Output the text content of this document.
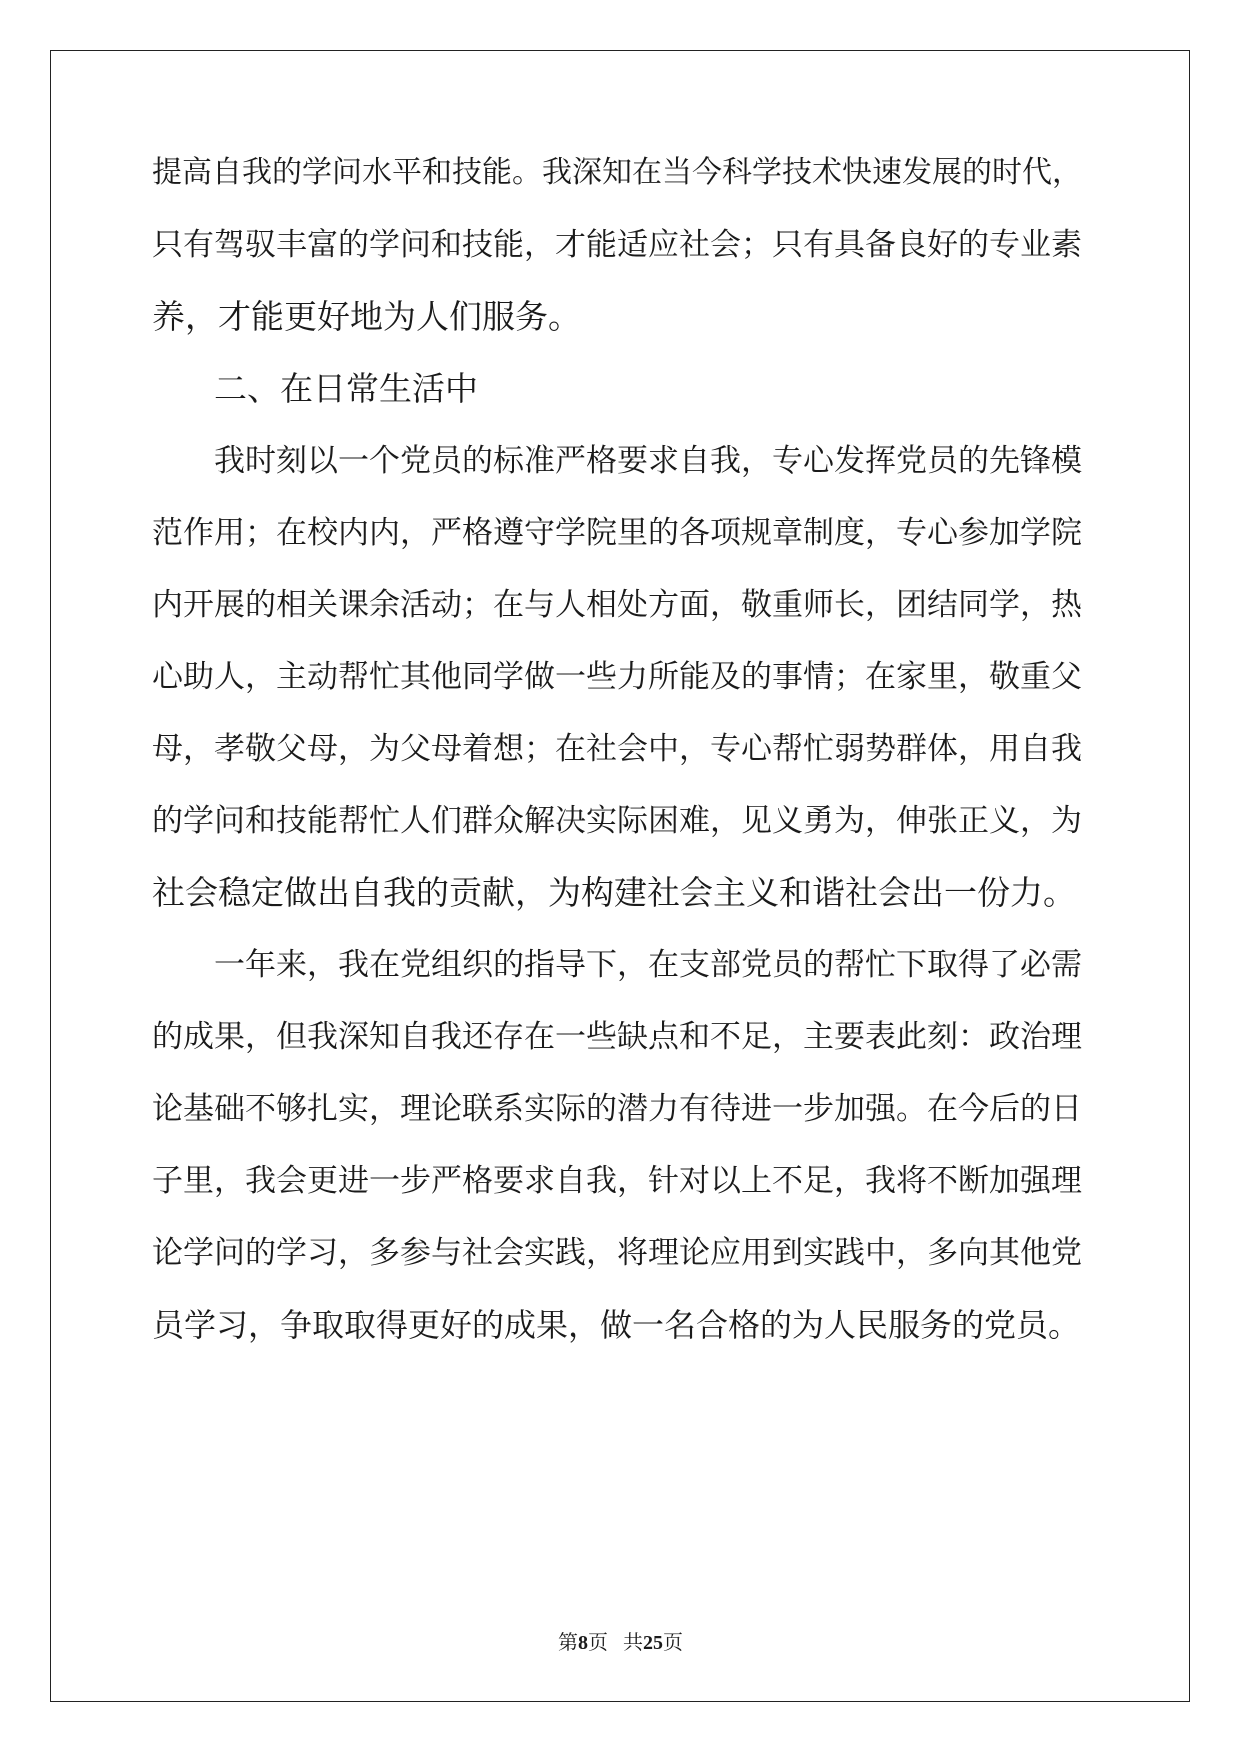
提高自我的学问水平和技能。我深知在当今科学技术快速发展的时代，

只有驾驭丰富的学问和技能，才能适应社会；只有具备良好的专业素

养，才能更好地为人们服务。

二、在日常生活中

我时刻以一个党员的标准严格要求自我，专心发挥党员的先锋模

范作用；在校内内，严格遵守学院里的各项规章制度，专心参加学院

内开展的相关课余活动；在与人相处方面，敬重师长，团结同学，热

心助人，主动帮忙其他同学做一些力所能及的事情；在家里，敬重父

母，孝敬父母，为父母着想；在社会中，专心帮忙弱势群体，用自我

的学问和技能帮忙人们群众解决实际困难，见义勇为，伸张正义，为

社会稳定做出自我的贡献，为构建社会主义和谐社会出一份力。

一年来，我在党组织的指导下，在支部党员的帮忙下取得了必需

的成果，但我深知自我还存在一些缺点和不足，主要表此刻：政治理

论基础不够扎实，理论联系实际的潜力有待进一步加强。在今后的日

子里，我会更进一步严格要求自我，针对以上不足，我将不断加强理

论学问的学习，多参与社会实践，将理论应用到实践中，多向其他党

员学习，争取取得更好的成果，做一名合格的为人民服务的党员。

第8页 共25页
